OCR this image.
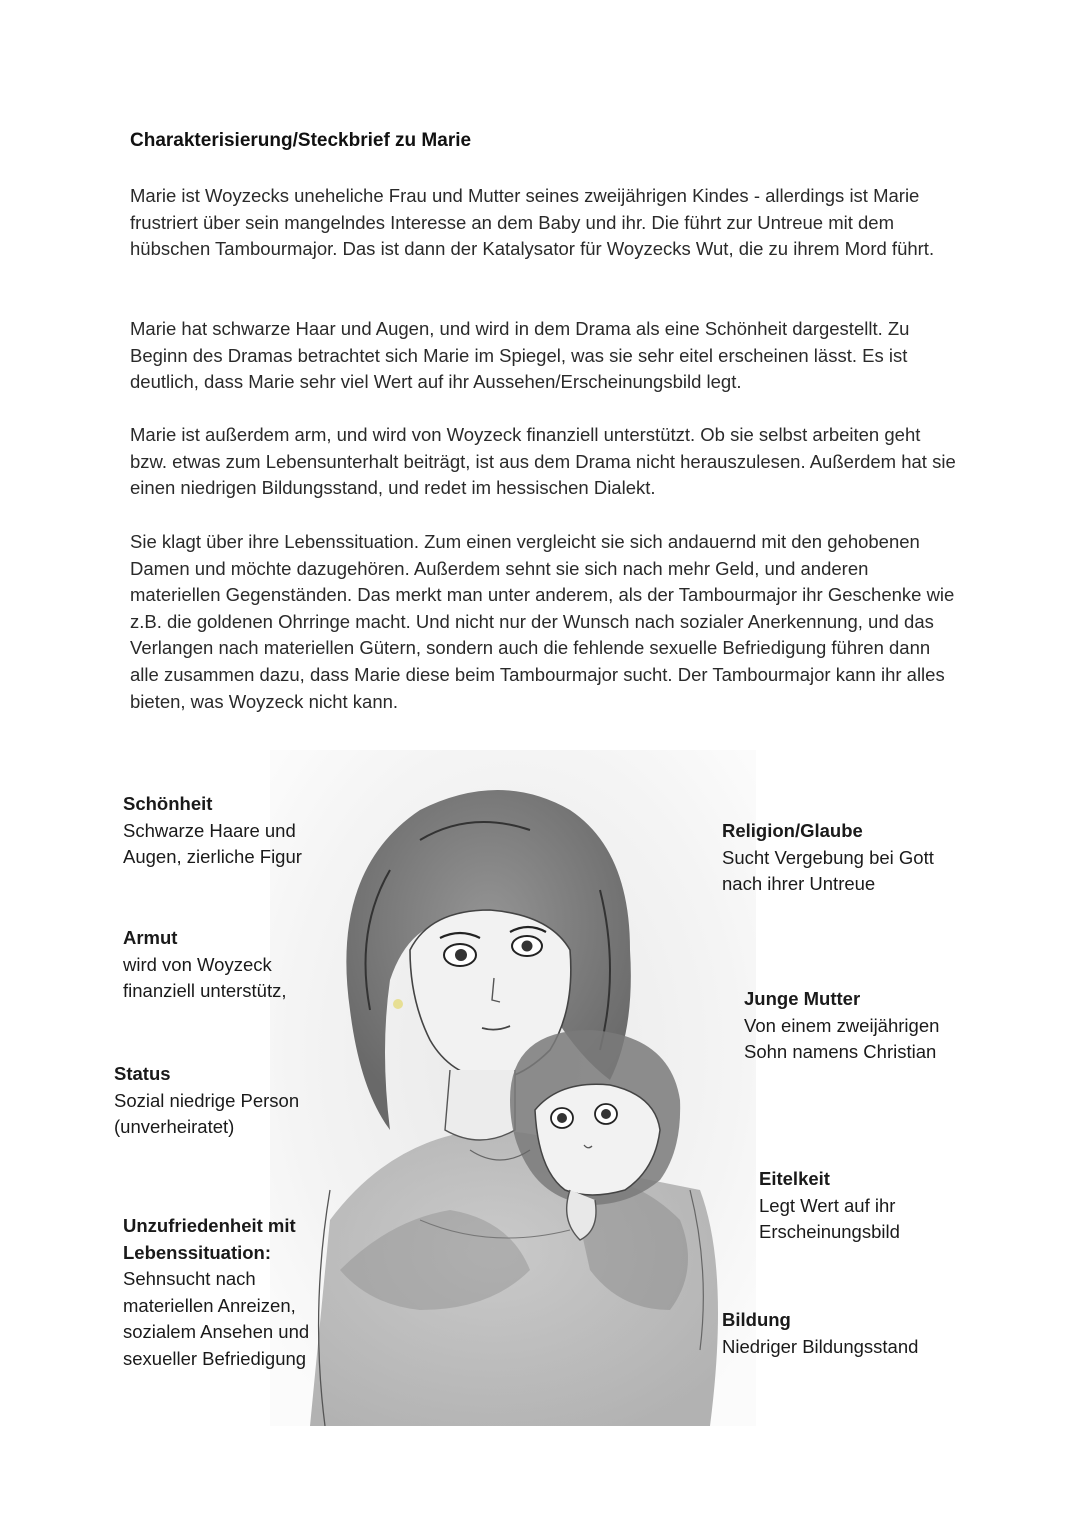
Charakterisierung/Steckbrief zu Marie

Marie ist Woyzecks uneheliche Frau und Mutter seines zweijährigen Kindes - allerdings ist Marie frustriert über sein mangelndes Interesse an dem Baby und ihr. Die führt zur Untreue mit dem hübschen Tambourmajor. Das ist dann der Katalysator für Woyzecks Wut, die zu ihrem Mord führt.

Marie hat schwarze Haar und Augen, und wird in dem Drama als eine Schönheit dargestellt. Zu Beginn des Dramas betrachtet sich Marie im Spiegel, was sie sehr eitel erscheinen lässt. Es ist deutlich, dass Marie sehr viel Wert auf ihr Aussehen/Erscheinungsbild legt.

Marie ist außerdem arm, und wird von Woyzeck finanziell unterstützt. Ob sie selbst arbeiten geht bzw. etwas zum Lebensunterhalt beiträgt, ist aus dem Drama nicht herauszulesen. Außerdem hat sie einen niedrigen Bildungsstand, und redet im hessischen Dialekt.

Sie klagt über ihre Lebenssituation. Zum einen vergleicht sie sich andauernd mit den gehobenen Damen und möchte dazugehören. Außerdem sehnt sie sich nach mehr Geld, und anderen materiellen Gegenständen. Das merkt man unter anderem, als der Tambourmajor ihr Geschenke wie z.B. die goldenen Ohrringe macht. Und nicht nur der Wunsch nach sozialer Anerkennung, und das Verlangen nach materiellen Gütern, sondern auch die fehlende sexuelle Befriedigung führen dann alle zusammen dazu, dass Marie diese beim Tambourmajor sucht. Der Tambourmajor kann ihr alles bieten, was Woyzeck nicht kann.

Schönheit
Schwarze Haare und
Augen, zierliche Figur
Armut
wird von Woyzeck
finanziell unterstütz,
Status
Sozial niedrige Person
(unverheiratet)
Unzufriedenheit mit
Lebenssituation:
Sehnsucht nach
materiellen Anreizen,
sozialem Ansehen und
sexueller Befriedigung
Religion/Glaube
Sucht Vergebung bei Gott
nach ihrer Untreue
Junge Mutter
Von einem zweijährigen
Sohn namens Christian
Eitelkeit
Legt Wert auf ihr
Erscheinungsbild
Bildung
Niedriger Bildungsstand
